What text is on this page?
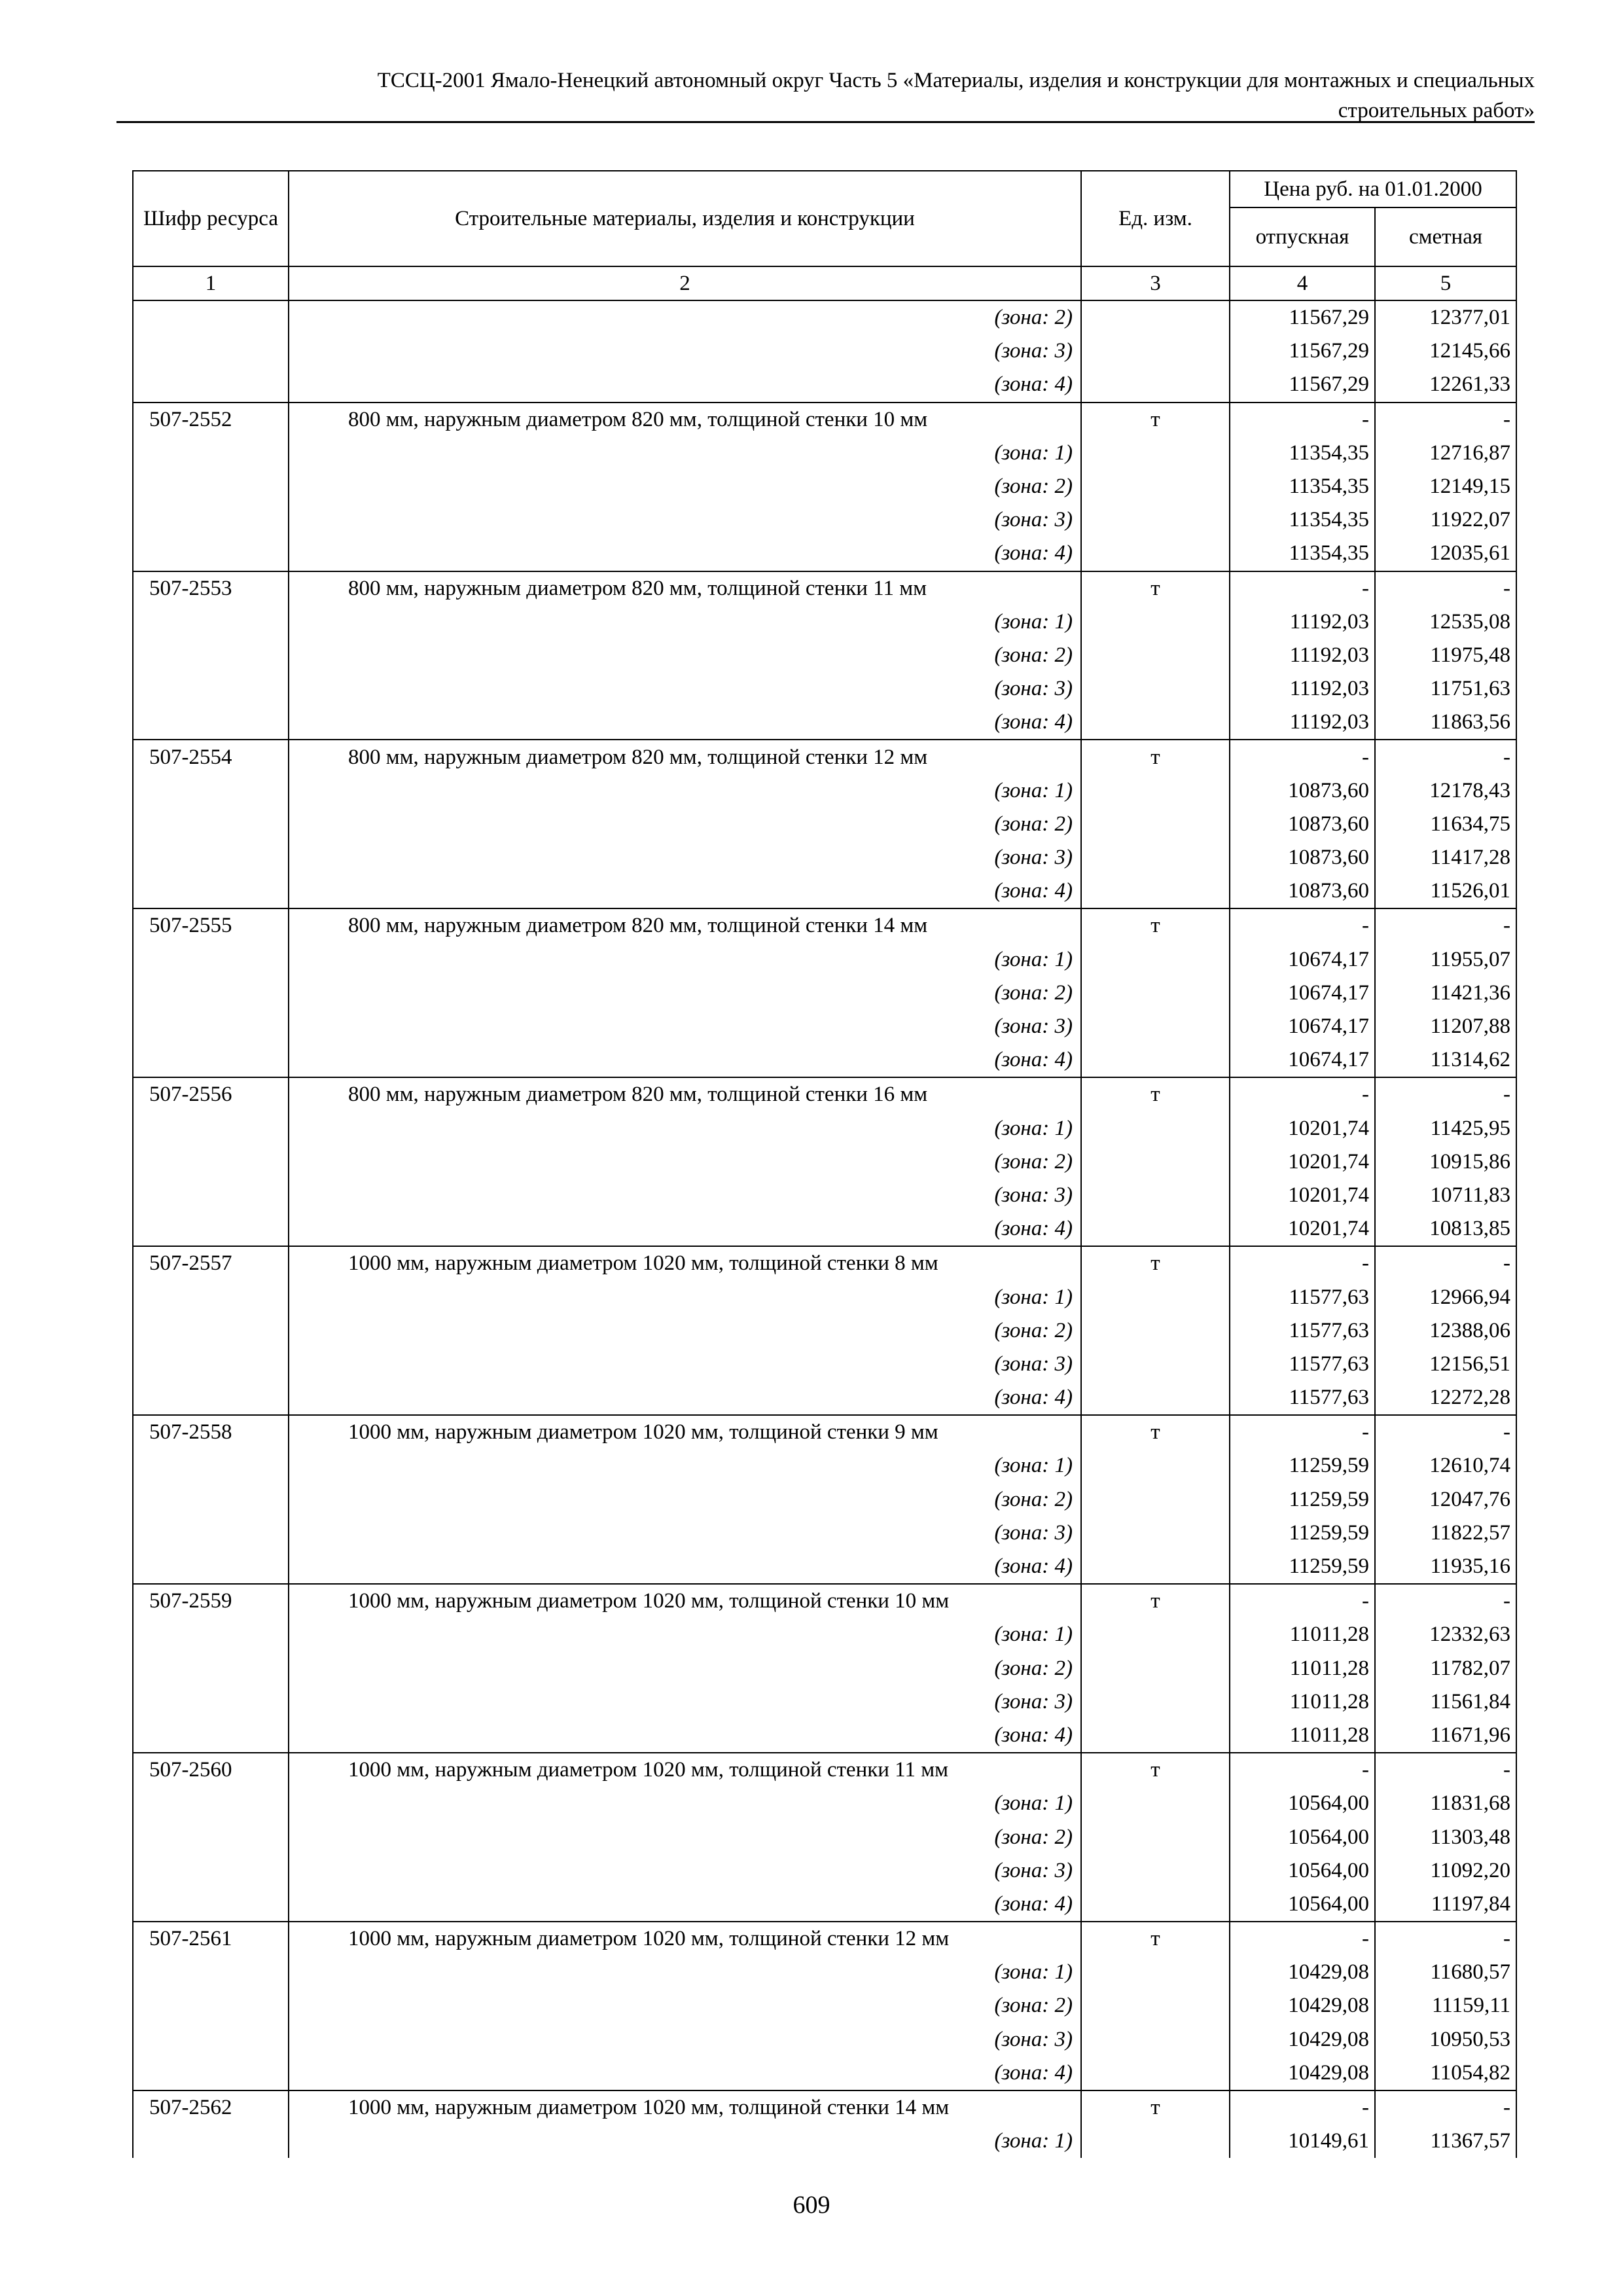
ТССЦ-2001 Ямало-Ненецкий автономный округ Часть 5 «Материалы, изделия и конструкции для монтажных и специальных
строительных работ»
Шифр ресурса	Строительные материалы, изделия и конструкции	Ед. изм.	Цена руб. на 01.01.2000	
			отпускная	сметная
1	2	3	4	5
	(зона: 2)		11567,29	12377,01
	(зона: 3)		11567,29	12145,66
	(зона: 4)		11567,29	12261,33
507-2552	800 мм, наружным диаметром 820 мм, толщиной стенки 10 мм	т	-	-
	(зона: 1)		11354,35	12716,87
	(зона: 2)		11354,35	12149,15
	(зона: 3)		11354,35	11922,07
	(зона: 4)		11354,35	12035,61
507-2553	800 мм, наружным диаметром 820 мм, толщиной стенки 11 мм	т	-	-
	(зона: 1)		11192,03	12535,08
	(зона: 2)		11192,03	11975,48
	(зона: 3)		11192,03	11751,63
	(зона: 4)		11192,03	11863,56
507-2554	800 мм, наружным диаметром 820 мм, толщиной стенки 12 мм	т	-	-
	(зона: 1)		10873,60	12178,43
	(зона: 2)		10873,60	11634,75
	(зона: 3)		10873,60	11417,28
	(зона: 4)		10873,60	11526,01
507-2555	800 мм, наружным диаметром 820 мм, толщиной стенки 14 мм	т	-	-
	(зона: 1)		10674,17	11955,07
	(зона: 2)		10674,17	11421,36
	(зона: 3)		10674,17	11207,88
	(зона: 4)		10674,17	11314,62
507-2556	800 мм, наружным диаметром 820 мм, толщиной стенки 16 мм	т	-	-
	(зона: 1)		10201,74	11425,95
	(зона: 2)		10201,74	10915,86
	(зона: 3)		10201,74	10711,83
	(зона: 4)		10201,74	10813,85
507-2557	1000 мм, наружным диаметром 1020 мм, толщиной стенки 8 мм	т	-	-
	(зона: 1)		11577,63	12966,94
	(зона: 2)		11577,63	12388,06
	(зона: 3)		11577,63	12156,51
	(зона: 4)		11577,63	12272,28
507-2558	1000 мм, наружным диаметром 1020 мм, толщиной стенки 9 мм	т	-	-
	(зона: 1)		11259,59	12610,74
	(зона: 2)		11259,59	12047,76
	(зона: 3)		11259,59	11822,57
	(зона: 4)		11259,59	11935,16
507-2559	1000 мм, наружным диаметром 1020 мм, толщиной стенки 10 мм	т	-	-
	(зона: 1)		11011,28	12332,63
	(зона: 2)		11011,28	11782,07
	(зона: 3)		11011,28	11561,84
	(зона: 4)		11011,28	11671,96
507-2560	1000 мм, наружным диаметром 1020 мм, толщиной стенки 11 мм	т	-	-
	(зона: 1)		10564,00	11831,68
	(зона: 2)		10564,00	11303,48
	(зона: 3)		10564,00	11092,20
	(зона: 4)		10564,00	11197,84
507-2561	1000 мм, наружным диаметром 1020 мм, толщиной стенки 12 мм	т	-	-
	(зона: 1)		10429,08	11680,57
	(зона: 2)		10429,08	11159,11
	(зона: 3)		10429,08	10950,53
	(зона: 4)		10429,08	11054,82
507-2562	1000 мм, наружным диаметром 1020 мм, толщиной стенки 14 мм	т	-	-
	(зона: 1)		10149,61	11367,57
609
